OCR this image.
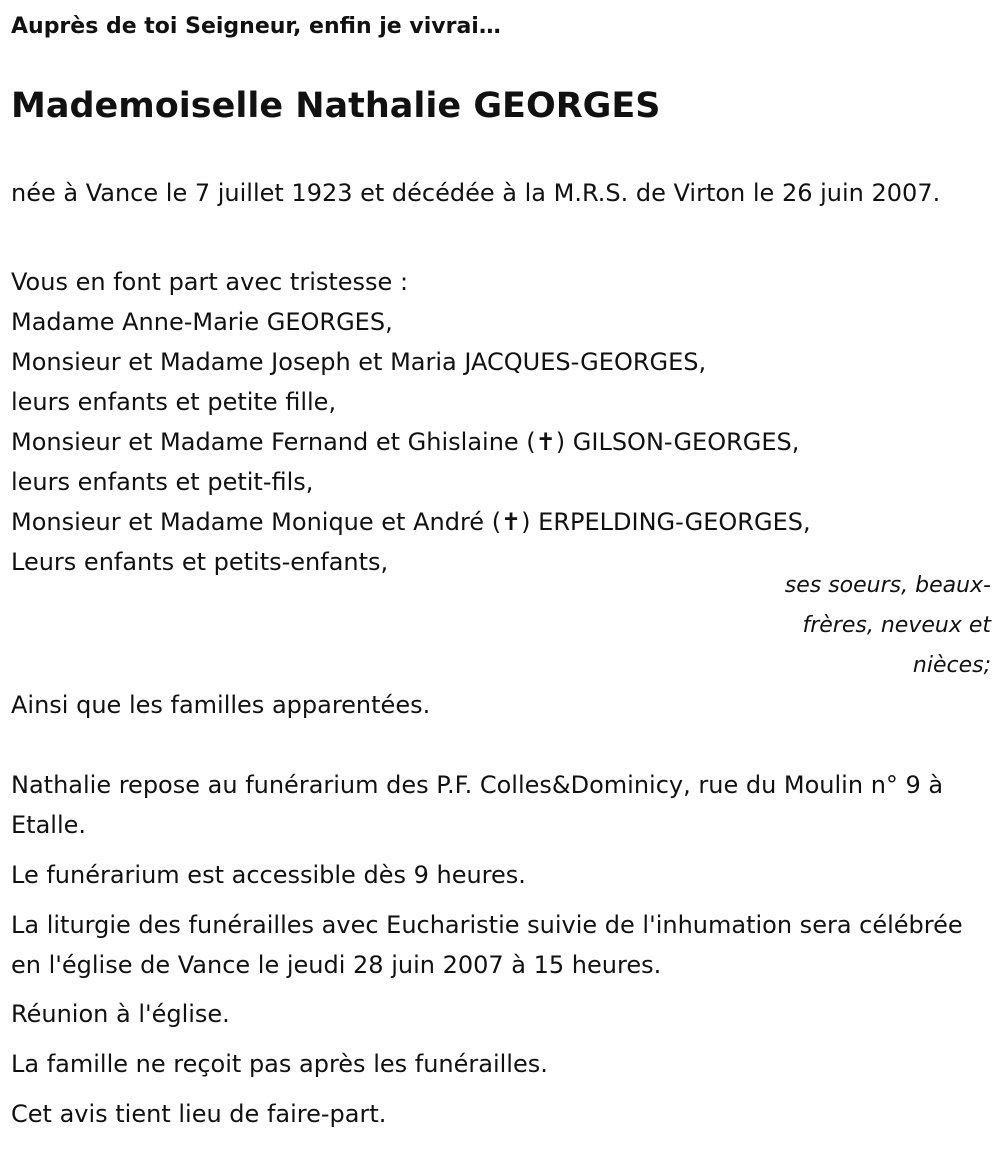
Auprès de toi Seigneur, enfin je vivrai…
Mademoiselle Nathalie GEORGES

née à Vance le 7 juillet 1923 et décédée à la M.R.S. de Virton le 26 juin 2007.

Vous en font part avec tristesse :
Madame Anne-Marie GEORGES,
Monsieur et Madame Joseph et Maria JACQUES-GEORGES,
leurs enfants et petite fille,
Monsieur et Madame Fernand et Ghislaine (✝) GILSON-GEORGES,
leurs enfants et petit-fils,
Monsieur et Madame Monique et André (✝) ERPELDING-GEORGES,
Leurs enfants et petits-enfants,
ses soeurs, beaux-frères, neveux et nièces;

Ainsi que les familles apparentées.

Nathalie repose au funérarium des P.F. Colles&Dominicy, rue du Moulin n° 9 à Etalle.

Le funérarium est accessible dès 9 heures.

La liturgie des funérailles avec Eucharistie suivie de l'inhumation sera célébrée en l'église de Vance le jeudi 28 juin 2007 à 15 heures.

Réunion à l'église.

La famille ne reçoit pas après les funérailles.

Cet avis tient lieu de faire-part.
